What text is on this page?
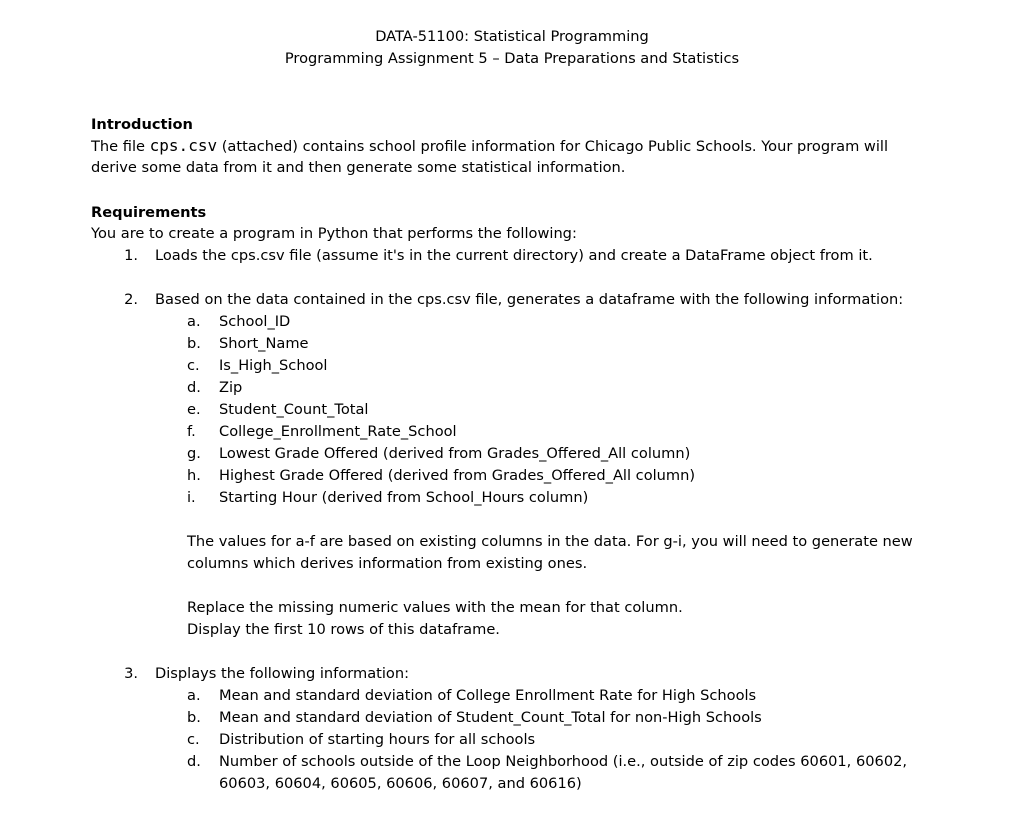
DATA-51100: Statistical Programming
Programming Assignment 5 – Data Preparations and Statistics
Introduction
The file cps.csv (attached) contains school profile information for Chicago Public Schools. Your program will
derive some data from it and then generate some statistical information.
Requirements
You are to create a program in Python that performs the following:
1. Loads the cps.csv file (assume it's in the current directory) and create a DataFrame object from it.
2. Based on the data contained in the cps.csv file, generates a dataframe with the following information:
a.	School_ID
b.	Short_Name
c.	Is_High_School
d.	Zip
e.	Student_Count_Total
f.	College_Enrollment_Rate_School
g.	Lowest Grade Offered (derived from Grades_Offered_All column)
h.	Highest Grade Offered (derived from Grades_Offered_All column)
i.	Starting Hour (derived from School_Hours column)
The values for a-f are based on existing columns in the data. For g-i, you will need to generate new
columns which derives information from existing ones.
Replace the missing numeric values with the mean for that column.
Display the first 10 rows of this dataframe.
3. Displays the following information:
a.	Mean and standard deviation of College Enrollment Rate for High Schools
b.	Mean and standard deviation of Student_Count_Total for non-High Schools
c.	Distribution of starting hours for all schools
d.	Number of schools outside of the Loop Neighborhood (i.e., outside of zip codes 60601, 60602,
60603, 60604, 60605, 60606, 60607, and 60616)
